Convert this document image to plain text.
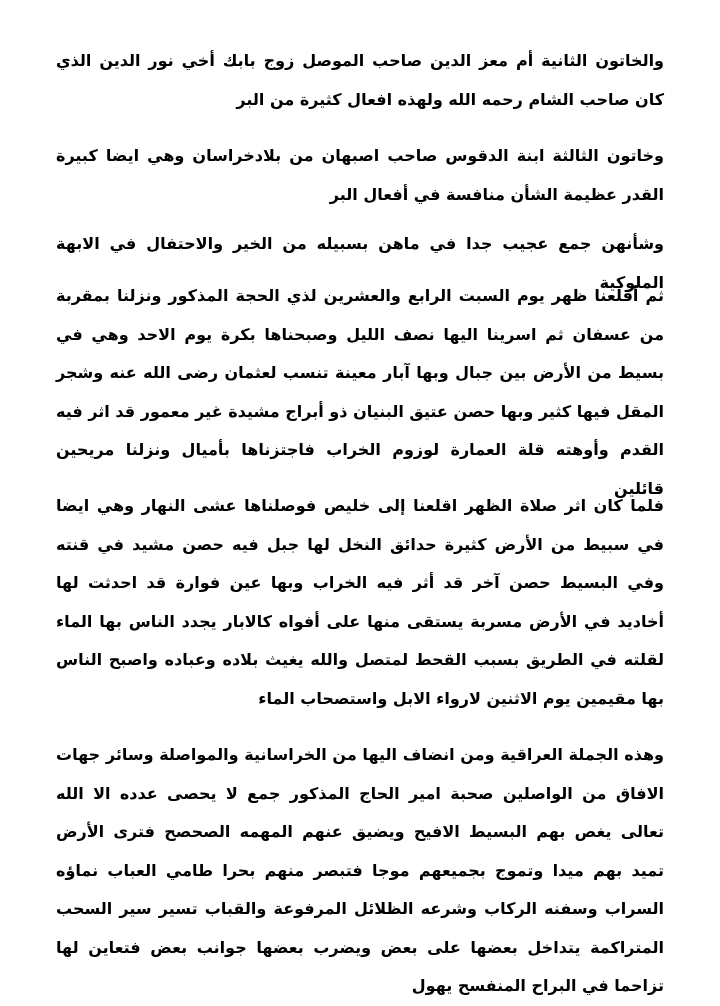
والخاتون الثانية أم معز الدين صاحب الموصل زوج بابك أخي نور الدين الذي كان صاحب الشام رحمه الله ولهذه افعال كثيرة من البر

وخاتون الثالثة ابنة الدقوس صاحب اصبهان من بلادخراسان وهي ايضا كبيرة القدر عظيمة الشأن منافسة في أفعال البر

وشأنهن جمع عجيب جدا في ماهن بسبيله من الخير والاحتفال في الابهة الملوكية

ثم أقلعنا ظهر يوم السبت الرابع والعشرين لذي الحجة المذكور ونزلنا بمقربة من عسفان ثم اسرينا اليها نصف الليل وصبحناها بكرة يوم الاحد وهي في بسيط من الأرض بين جبال وبها آبار معينة تنسب لعثمان رضى الله عنه وشجر المقل فيها كثير وبها حصن عتيق البنيان ذو أبراج مشيدة غير معمور قد اثر فيه القدم وأوهته قلة العمارة لوزوم الخراب فاجتزناها بأميال ونزلنا مريحين قائلين

فلما كان اثر صلاة الظهر اقلعنا إلى خليص فوصلناها عشى النهار وهي ايضا في سبيط من الأرض كثيرة حدائق النخل لها جبل فيه حصن مشيد في قنته وفي البسيط حصن آخر قد أثر فيه الخراب وبها عين فوارة قد احدثت لها أخاديد في الأرض مسربة يستقى منها على أفواه كالابار يجدد الناس بها الماء لقلته في الطريق بسبب القحط لمتصل والله يغيث بلاده وعباده واصبح الناس بها مقيمين يوم الاثنين لارواء الابل واستصحاب الماء

وهذه الجملة العراقية ومن انضاف اليها من الخراسانية والمواصلة وسائر جهات الافاق من الواصلين صحبة امير الحاج المذكور جمع لا يحصى عدده الا الله تعالى يغص بهم البسيط الافيح ويضيق عنهم المهمه الصحصح فترى الأرض تميد بهم ميدا وتموج بجميعهم موجا فتبصر منهم بحرا طامي العباب نماؤه السراب وسفنه الركاب وشرعه الظلائل المرفوعة والقباب تسير سير السحب المتراكمة يتداخل بعضها على بعض ويضرب بعضها جوانب بعض فتعاين لها تزاحما في البراح المنفسح يهول
